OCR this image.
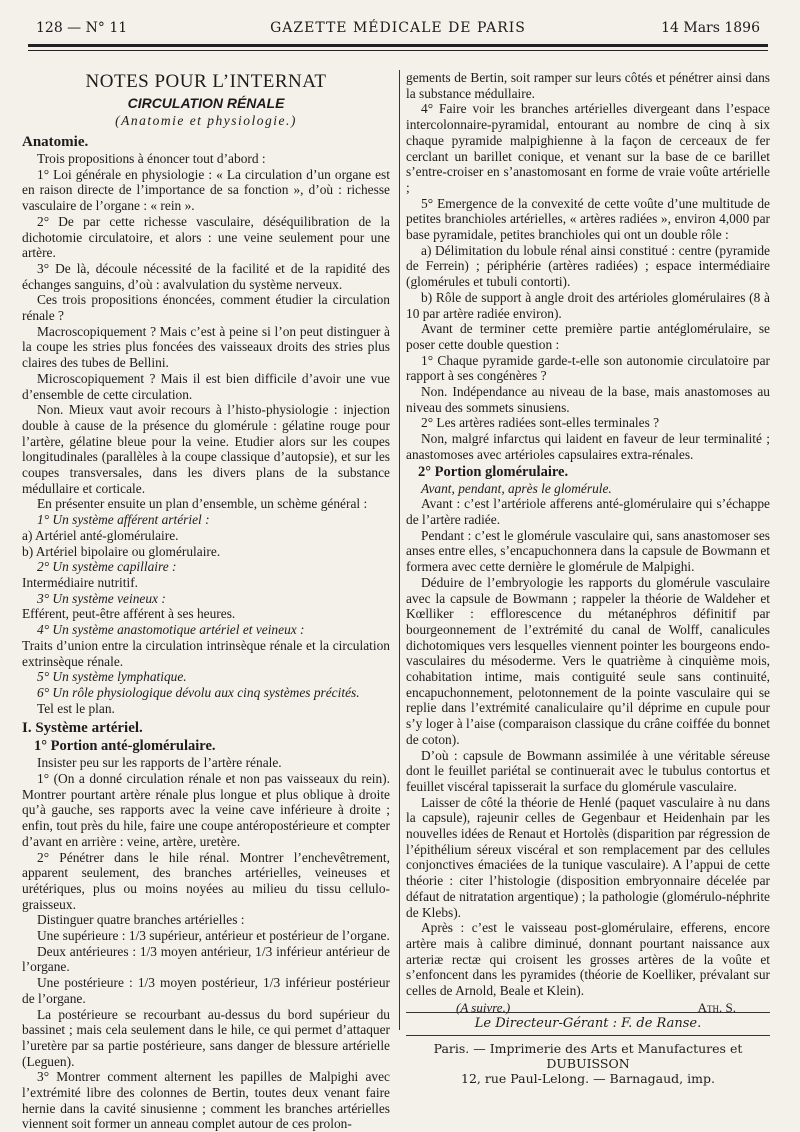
128 — N° 11	GAZETTE MÉDICALE DE PARIS	14 Mars 1896
NOTES POUR L’INTERNAT
CIRCULATION RÉNALE
(Anatomie et physiologie.)
Anatomie.

Trois propositions à énoncer tout d’abord :

1° Loi générale en physiologie : « La circulation d’un organe est en raison directe de l’importance de sa fonction », d’où : richesse vasculaire de l’organe : « rein ».

2° De par cette richesse vasculaire, déséquilibration de la dichotomie circulatoire, et alors : une veine seulement pour une artère.

3° De là, découle nécessité de la facilité et de la rapidité des échanges sanguins, d’où : avalvulation du système nerveux.

Ces trois propositions énoncées, comment étudier la circulation rénale ?

Macroscopiquement ? Mais c’est à peine si l’on peut distinguer à la coupe les stries plus foncées des vaisseaux droits des stries plus claires des tubes de Bellini.

Microscopiquement ? Mais il est bien difficile d’avoir une vue d’ensemble de cette circulation.

Non. Mieux vaut avoir recours à l’histo-physiologie : injection double à cause de la présence du glomérule : gélatine rouge pour l’artère, gélatine bleue pour la veine. Etudier alors sur les coupes longitudinales (parallèles à la coupe classique d’autopsie), et sur les coupes transversales, dans les divers plans de la substance médullaire et corticale.

En présenter ensuite un plan d’ensemble, un schème général :

1° Un système afférent artériel :

a) Artériel anté-glomérulaire.

b) Artériel bipolaire ou glomérulaire.

2° Un système capillaire :

Intermédiaire nutritif.

3° Un système veineux :

Efférent, peut-être afférent à ses heures.

4° Un système anastomotique artériel et veineux :

Traits d’union entre la circulation intrinsèque rénale et la circulation extrinsèque rénale.

5° Un système lymphatique.

6° Un rôle physiologique dévolu aux cinq systèmes précités.

Tel est le plan.

I. Système artériel.
1° Portion anté-glomérulaire.

Insister peu sur les rapports de l’artère rénale.

1° (On a donné circulation rénale et non pas vaisseaux du rein). Montrer pourtant artère rénale plus longue et plus oblique à droite qu’à gauche, ses rapports avec la veine cave inférieure à droite ; enfin, tout près du hile, faire une coupe antéropostérieure et compter d’avant en arrière : veine, artère, uretère.

2° Pénétrer dans le hile rénal. Montrer l’enchevêtrement, apparent seulement, des branches artérielles, veineuses et urétériques, plus ou moins noyées au milieu du tissu cellulo-graisseux.

Distinguer quatre branches artérielles :

Une supérieure : 1/3 supérieur, antérieur et postérieur de l’organe.

Deux antérieures : 1/3 moyen antérieur, 1/3 inférieur antérieur de l’organe.

Une postérieure : 1/3 moyen postérieur, 1/3 inférieur postérieur de l’organe.

La postérieure se recourbant au-dessus du bord supérieur du bassinet ; mais cela seulement dans le hile, ce qui permet d’attaquer l’uretère par sa partie postérieure, sans danger de blessure artérielle (Leguen).

3° Montrer comment alternent les papilles de Malpighi avec l’extrémité libre des colonnes de Bertin, toutes deux venant faire hernie dans la cavité sinusienne ; comment les branches artérielles viennent soit former un anneau complet autour de ces prolon-

gements de Bertin, soit ramper sur leurs côtés et pénétrer ainsi dans la substance médullaire.

4° Faire voir les branches artérielles divergeant dans l’espace intercolonnaire-pyramidal, entourant au nombre de cinq à six chaque pyramide malpighienne à la façon de cerceaux de fer cerclant un barillet conique, et venant sur la base de ce barillet s’entre-croiser en s’anastomosant en forme de vraie voûte artérielle ;

5° Emergence de la convexité de cette voûte d’une multitude de petites branchioles artérielles, « artères radiées », environ 4,000 par base pyramidale, petites branchioles qui ont un double rôle :

a) Délimitation du lobule rénal ainsi constitué : centre (pyramide de Ferrein) ; périphérie (artères radiées) ; espace intermédiaire (glomérules et tubuli contorti).

b) Rôle de support à angle droit des artérioles glomérulaires (8 à 10 par artère radiée environ).

Avant de terminer cette première partie antéglomérulaire, se poser cette double question :

1° Chaque pyramide garde-t-elle son autonomie circulatoire par rapport à ses congénères ?

Non. Indépendance au niveau de la base, mais anastomoses au niveau des sommets sinusiens.

2° Les artères radiées sont-elles terminales ?

Non, malgré infarctus qui laident en faveur de leur terminalité ; anastomoses avec artérioles capsulaires extra-rénales.

2° Portion glomérulaire.

Avant, pendant, après le glomérule.

Avant : c’est l’artériole afferens anté-glomérulaire qui s’échappe de l’artère radiée.

Pendant : c’est le glomérule vasculaire qui, sans anastomoser ses anses entre elles, s’encapuchonnera dans la capsule de Bowmann et formera avec cette dernière le glomérule de Malpighi.

Déduire de l’embryologie les rapports du glomérule vasculaire avec la capsule de Bowmann ; rappeler la théorie de Waldeher et Kœlliker : efflorescence du métanéphros définitif par bourgeonnement de l’extrémité du canal de Wolff, canalicules dichotomiques vers lesquelles viennent pointer les bourgeons endo-vasculaires du mésoderme. Vers le quatrième à cinquième mois, cohabitation intime, mais contiguité seule sans continuité, encapuchonnement, pelotonnement de la pointe vasculaire qui se replie dans l’extrémité canaliculaire qu’il déprime en cupule pour s’y loger à l’aise (comparaison classique du crâne coiffée du bonnet de coton).

D’où : capsule de Bowmann assimilée à une véritable séreuse dont le feuillet pariétal se continuerait avec le tubulus contortus et feuillet viscéral tapisserait la surface du glomérule vasculaire.

Laisser de côté la théorie de Henlé (paquet vasculaire à nu dans la capsule), rajeunir celles de Gegenbaur et Heidenhain par les nouvelles idées de Renaut et Hortolès (disparition par régression de l’épithélium séreux viscéral et son remplacement par des cellules conjonctives émaciées de la tunique vasculaire). A l’appui de cette théorie : citer l’histologie (disposition embryonnaire décelée par défaut de nitratation argentique) ; la pathologie (glomérulo-néphrite de Klebs).

Après : c’est le vaisseau post-glomérulaire, efferens, encore artère mais à calibre diminué, donnant pourtant naissance aux arteriæ rectæ qui croisent les grosses artères de la voûte et s’enfoncent dans les pyramides (théorie de Koelliker, prévalant sur celles de Arnold, Beale et Klein).

(A suivre.)	Ath. S.
Le Directeur-Gérant : F. de Ranse.
Paris. — Imprimerie des Arts et Manufactures et DUBUISSON
12, rue Paul-Lelong. — Barnagaud, imp.
